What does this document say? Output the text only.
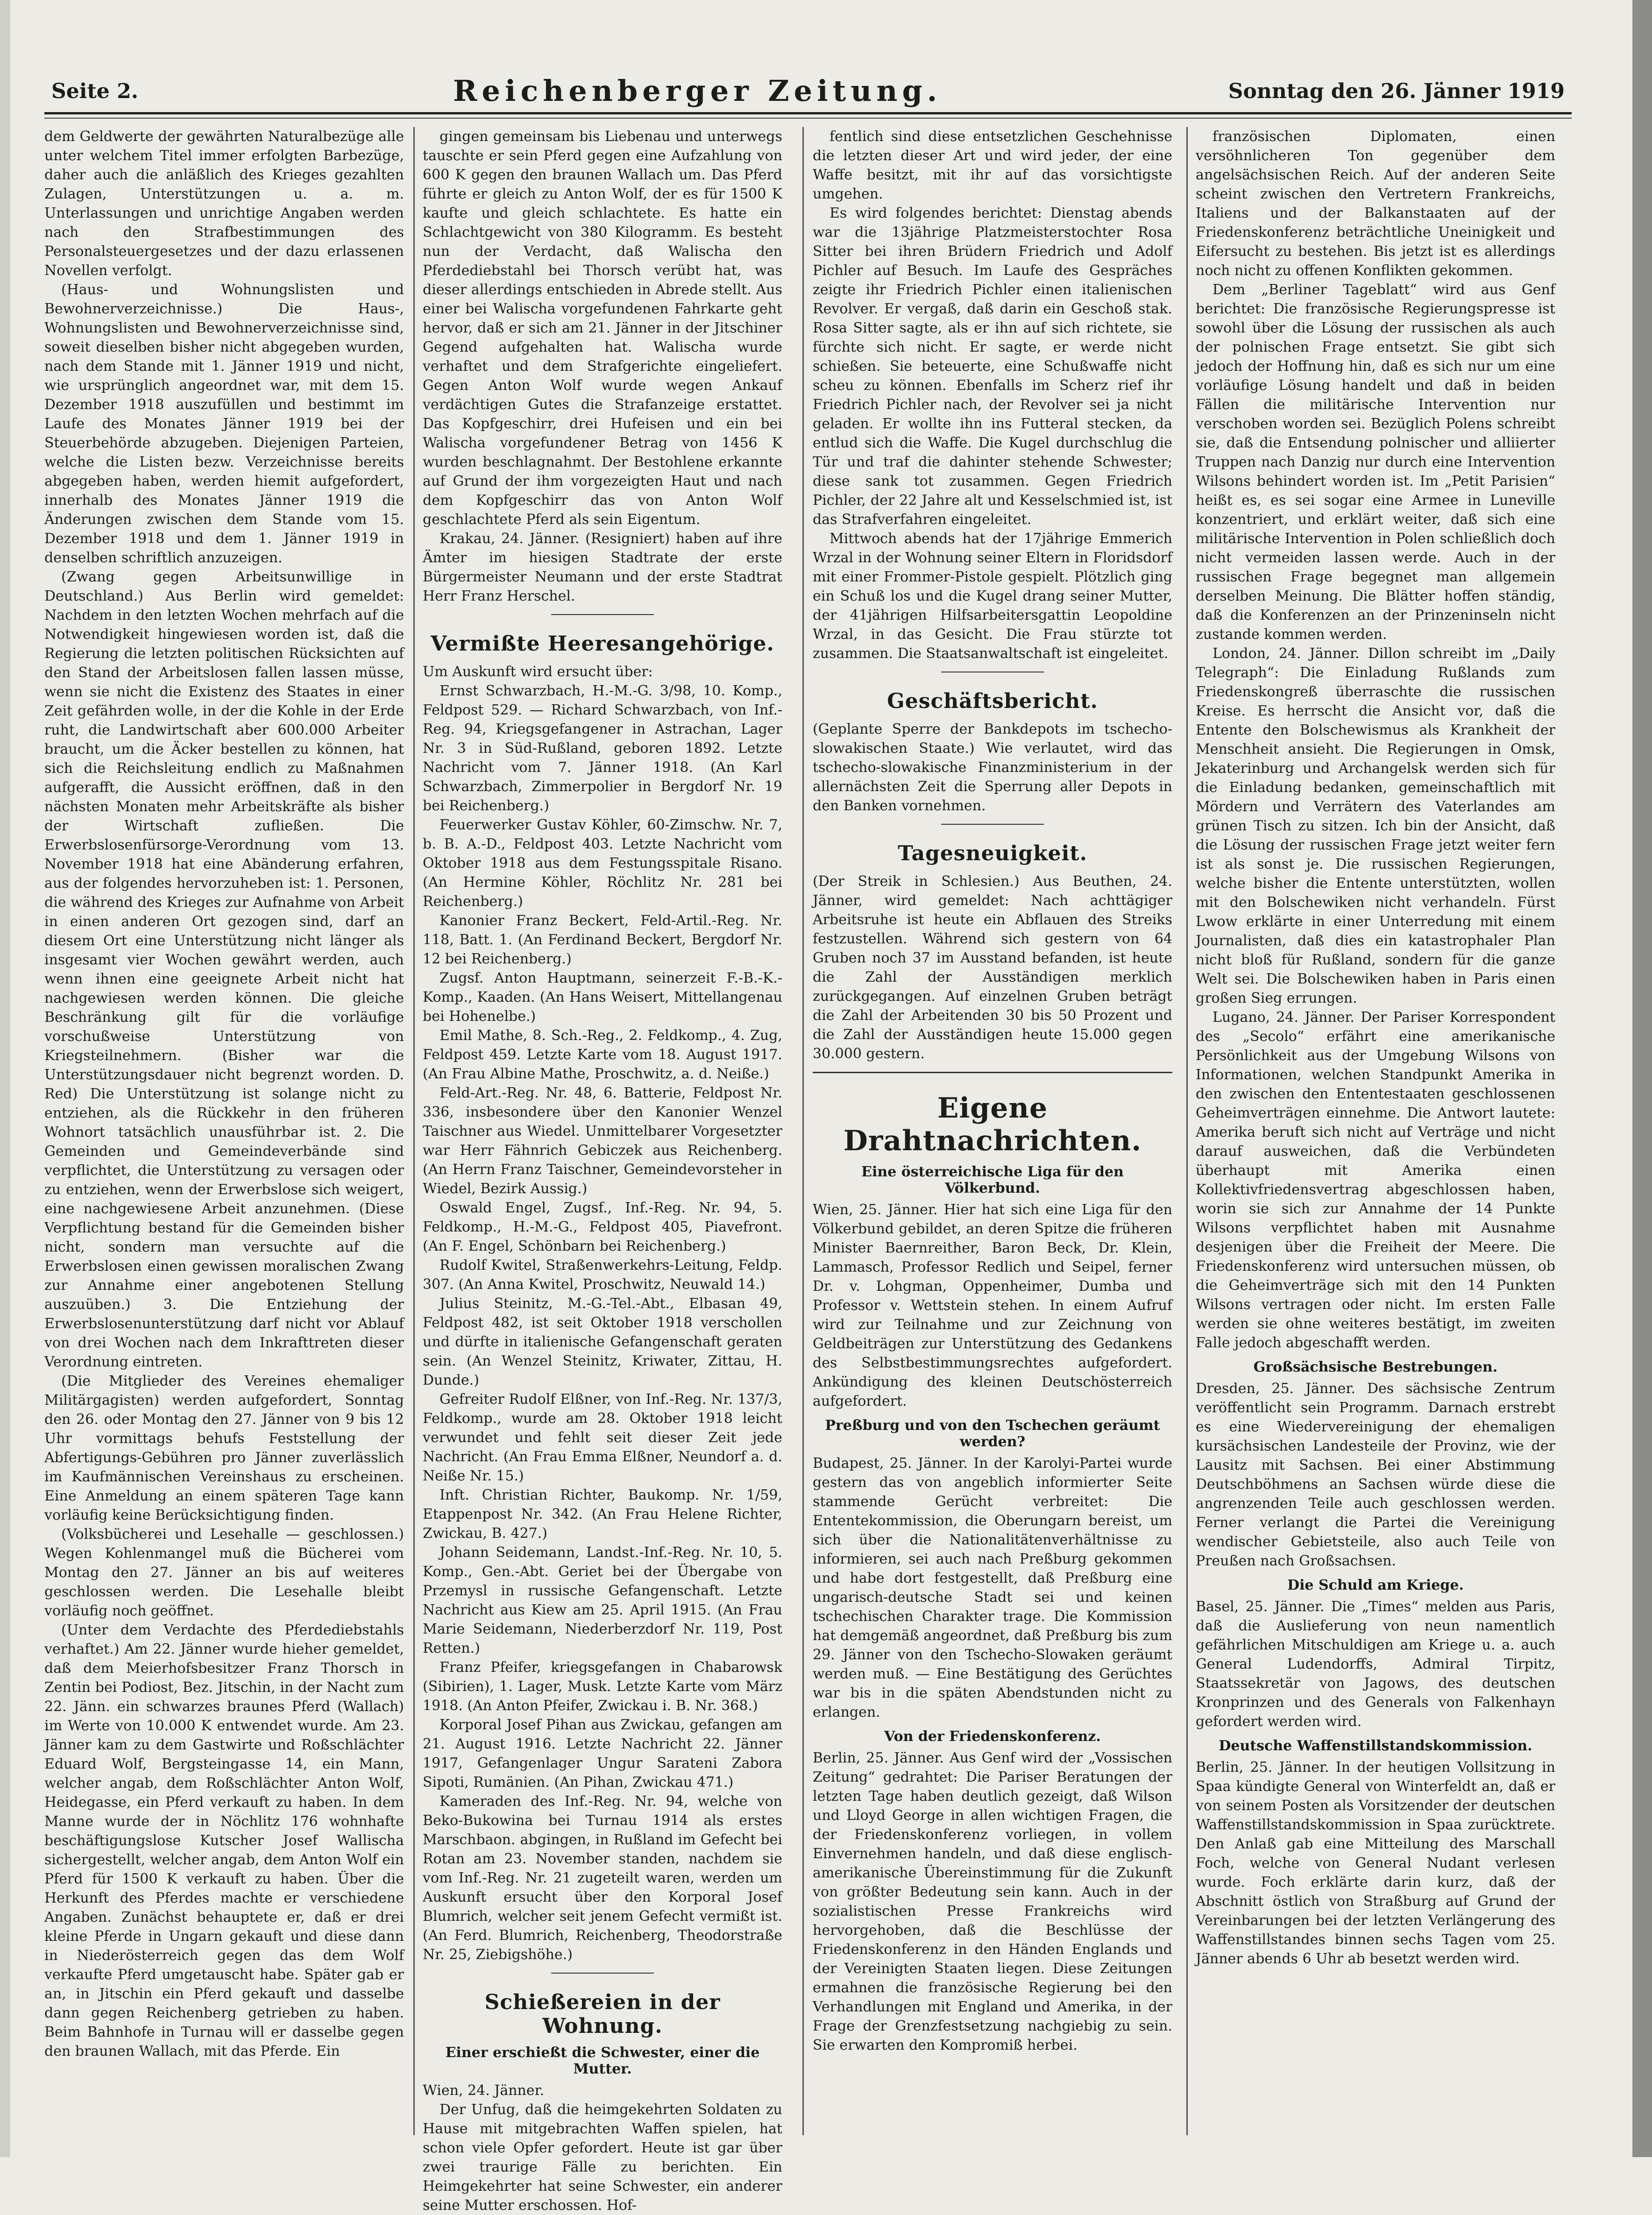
Seite 2.	Reichenberger Zeitung.	Sonntag den 26. Jänner 1919

dem Geldwerte der gewährten Naturalbezüge alle unter welchem Titel immer erfolgten Barbezüge, daher auch die anläßlich des Krieges gezahlten Zulagen, Unterstützungen u. a. m. Unterlassungen und unrichtige Angaben werden nach den Strafbestimmungen des Personalsteuergesetzes und der dazu erlassenen Novellen verfolgt.

(Haus- und Wohnungslisten und Bewohnerverzeichnisse.) Die Haus-, Wohnungslisten und Bewohnerverzeichnisse sind, soweit dieselben bisher nicht abgegeben wurden, nach dem Stande mit 1. Jänner 1919 und nicht, wie ursprünglich angeordnet war, mit dem 15. Dezember 1918 auszufüllen und bestimmt im Laufe des Monates Jänner 1919 bei der Steuerbehörde abzugeben. Diejenigen Parteien, welche die Listen bezw. Verzeichnisse bereits abgegeben haben, werden hiemit aufgefordert, innerhalb des Monates Jänner 1919 die Änderungen zwischen dem Stande vom 15. Dezember 1918 und dem 1. Jänner 1919 in denselben schriftlich anzuzeigen.

(Zwang gegen Arbeitsunwillige in Deutschland.) Aus Berlin wird gemeldet: Nachdem in den letzten Wochen mehrfach auf die Notwendigkeit hingewiesen worden ist, daß die Regierung die letzten politischen Rücksichten auf den Stand der Arbeitslosen fallen lassen müsse, wenn sie nicht die Existenz des Staates in einer Zeit gefährden wolle, in der die Kohle in der Erde ruht, die Landwirtschaft aber 600.000 Arbeiter braucht, um die Äcker bestellen zu können, hat sich die Reichsleitung endlich zu Maßnahmen aufgerafft, die Aussicht eröffnen, daß in den nächsten Monaten mehr Arbeitskräfte als bisher der Wirtschaft zufließen. Die Erwerbslosenfürsorge-Verordnung vom 13. November 1918 hat eine Abänderung erfahren, aus der folgendes hervorzuheben ist: 1. Personen, die während des Krieges zur Aufnahme von Arbeit in einen anderen Ort gezogen sind, darf an diesem Ort eine Unterstützung nicht länger als insgesamt vier Wochen gewährt werden, auch wenn ihnen eine geeignete Arbeit nicht hat nachgewiesen werden können. Die gleiche Beschränkung gilt für die vorläufige vorschußweise Unterstützung von Kriegsteilnehmern. (Bisher war die Unterstützungsdauer nicht begrenzt worden. D. Red) Die Unterstützung ist solange nicht zu entziehen, als die Rückkehr in den früheren Wohnort tatsächlich unausführbar ist. 2. Die Gemeinden und Gemeindeverbände sind verpflichtet, die Unterstützung zu versagen oder zu entziehen, wenn der Erwerbslose sich weigert, eine nachgewiesene Arbeit anzunehmen. (Diese Verpflichtung bestand für die Gemeinden bisher nicht, sondern man versuchte auf die Erwerbslosen einen gewissen moralischen Zwang zur Annahme einer angebotenen Stellung auszuüben.) 3. Die Entziehung der Erwerbslosenunterstützung darf nicht vor Ablauf von drei Wochen nach dem Inkrafttreten dieser Verordnung eintreten.

(Die Mitglieder des Vereines ehemaliger Militärgagisten) werden aufgefordert, Sonntag den 26. oder Montag den 27. Jänner von 9 bis 12 Uhr vormittags behufs Feststellung der Abfertigungs-Gebühren pro Jänner zuverlässlich im Kaufmännischen Vereinshaus zu erscheinen. Eine Anmeldung an einem späteren Tage kann vorläufig keine Berücksichtigung finden.

(Volksbücherei und Lesehalle — geschlossen.) Wegen Kohlenmangel muß die Bücherei vom Montag den 27. Jänner an bis auf weiteres geschlossen werden. Die Lesehalle bleibt vorläufig noch geöffnet.

(Unter dem Verdachte des Pferdediebstahls verhaftet.) Am 22. Jänner wurde hieher gemeldet, daß dem Meierhofsbesitzer Franz Thorsch in Zentin bei Podiost, Bez. Jitschin, in der Nacht zum 22. Jänn. ein schwarzes braunes Pferd (Wallach) im Werte von 10.000 K entwendet wurde. Am 23. Jänner kam zu dem Gastwirte und Roßschlächter Eduard Wolf, Bergsteingasse 14, ein Mann, welcher angab, dem Roßschlächter Anton Wolf, Heidegasse, ein Pferd verkauft zu haben. In dem Manne wurde der in Nöchlitz 176 wohnhafte beschäftigungslose Kutscher Josef Wallischa sichergestellt, welcher angab, dem Anton Wolf ein Pferd für 1500 K verkauft zu haben. Über die Herkunft des Pferdes machte er verschiedene Angaben. Zunächst behauptete er, daß er drei kleine Pferde in Ungarn gekauft und diese dann in Niederösterreich gegen das dem Wolf verkaufte Pferd umgetauscht habe. Später gab er an, in Jitschin ein Pferd gekauft und dasselbe dann gegen Reichenberg getrieben zu haben. Beim Bahnhofe in Turnau will er dasselbe gegen den braunen Wallach, mit das Pferde. Ein

gingen gemeinsam bis Liebenau und unterwegs tauschte er sein Pferd gegen eine Aufzahlung von 600 K gegen den braunen Wallach um. Das Pferd führte er gleich zu Anton Wolf, der es für 1500 K kaufte und gleich schlachtete. Es hatte ein Schlachtgewicht von 380 Kilogramm. Es besteht nun der Verdacht, daß Walischa den Pferdediebstahl bei Thorsch verübt hat, was dieser allerdings entschieden in Abrede stellt. Aus einer bei Walischa vorgefundenen Fahrkarte geht hervor, daß er sich am 21. Jänner in der Jitschiner Gegend aufgehalten hat. Walischa wurde verhaftet und dem Strafgerichte eingeliefert. Gegen Anton Wolf wurde wegen Ankauf verdächtigen Gutes die Strafanzeige erstattet. Das Kopfgeschirr, drei Hufeisen und ein bei Walischa vorgefundener Betrag von 1456 K wurden beschlagnahmt. Der Bestohlene erkannte auf Grund der ihm vorgezeigten Haut und nach dem Kopfgeschirr das von Anton Wolf geschlachtete Pferd als sein Eigentum.

Krakau, 24. Jänner. (Resigniert) haben auf ihre Ämter im hiesigen Stadtrate der erste Bürgermeister Neumann und der erste Stadtrat Herr Franz Herschel.

Vermißte Heeresangehörige.

Um Auskunft wird ersucht über:

Ernst Schwarzbach, H.-M.-G. 3/98, 10. Komp., Feldpost 529. — Richard Schwarzbach, von Inf.-Reg. 94, Kriegsgefangener in Astrachan, Lager Nr. 3 in Süd-Rußland, geboren 1892. Letzte Nachricht vom 7. Jänner 1918. (An Karl Schwarzbach, Zimmerpolier in Bergdorf Nr. 19 bei Reichenberg.)

Feuerwerker Gustav Köhler, 60-Zimschw. Nr. 7, b. B. A.-D., Feldpost 403. Letzte Nachricht vom Oktober 1918 aus dem Festungsspitale Risano. (An Hermine Köhler, Röchlitz Nr. 281 bei Reichenberg.)

Kanonier Franz Beckert, Feld-Artil.-Reg. Nr. 118, Batt. 1. (An Ferdinand Beckert, Bergdorf Nr. 12 bei Reichenberg.)

Zugsf. Anton Hauptmann, seinerzeit F.-B.-K.-Komp., Kaaden. (An Hans Weisert, Mittellangenau bei Hohenelbe.)

Emil Mathe, 8. Sch.-Reg., 2. Feldkomp., 4. Zug, Feldpost 459. Letzte Karte vom 18. August 1917. (An Frau Albine Mathe, Proschwitz, a. d. Neiße.)

Feld-Art.-Reg. Nr. 48, 6. Batterie, Feldpost Nr. 336, insbesondere über den Kanonier Wenzel Taischner aus Wiedel. Unmittelbarer Vorgesetzter war Herr Fähnrich Gebiczek aus Reichenberg. (An Herrn Franz Taischner, Gemeindevorsteher in Wiedel, Bezirk Aussig.)

Oswald Engel, Zugsf., Inf.-Reg. Nr. 94, 5. Feldkomp., H.-M.-G., Feldpost 405, Piavefront. (An F. Engel, Schönbarn bei Reichenberg.)

Rudolf Kwitel, Straßenwerkehrs-Leitung, Feldp. 307. (An Anna Kwitel, Proschwitz, Neuwald 14.)

Julius Steinitz, M.-G.-Tel.-Abt., Elbasan 49, Feldpost 482, ist seit Oktober 1918 verschollen und dürfte in italienische Gefangenschaft geraten sein. (An Wenzel Steinitz, Kriwater, Zittau, H. Dunde.)

Gefreiter Rudolf Elßner, von Inf.-Reg. Nr. 137/3, Feldkomp., wurde am 28. Oktober 1918 leicht verwundet und fehlt seit dieser Zeit jede Nachricht. (An Frau Emma Elßner, Neundorf a. d. Neiße Nr. 15.)

Inft. Christian Richter, Baukomp. Nr. 1/59, Etappenpost Nr. 342. (An Frau Helene Richter, Zwickau, B. 427.)

Johann Seidemann, Landst.-Inf.-Reg. Nr. 10, 5. Komp., Gen.-Abt. Geriet bei der Übergabe von Przemysl in russische Gefangenschaft. Letzte Nachricht aus Kiew am 25. April 1915. (An Frau Marie Seidemann, Niederberzdorf Nr. 119, Post Retten.)

Franz Pfeifer, kriegsgefangen in Chabarowsk (Sibirien), 1. Lager, Musk. Letzte Karte vom März 1918. (An Anton Pfeifer, Zwickau i. B. Nr. 368.)

Korporal Josef Pihan aus Zwickau, gefangen am 21. August 1916. Letzte Nachricht 22. Jänner 1917, Gefangenlager Ungur Sarateni Zabora Sipoti, Rumänien. (An Pihan, Zwickau 471.)

Kameraden des Inf.-Reg. Nr. 94, welche von Beko-Bukowina bei Turnau 1914 als erstes Marschbaon. abgingen, in Rußland im Gefecht bei Rotan am 23. November standen, nachdem sie vom Inf.-Reg. Nr. 21 zugeteilt waren, werden um Auskunft ersucht über den Korporal Josef Blumrich, welcher seit jenem Gefecht vermißt ist. (An Ferd. Blumrich, Reichenberg, Theodorstraße Nr. 25, Ziebigshöhe.)

Schießereien in der Wohnung.
Einer erschießt die Schwester, einer die Mutter.

Wien, 24. Jänner.

Der Unfug, daß die heimgekehrten Soldaten zu Hause mit mitgebrachten Waffen spielen, hat schon viele Opfer gefordert. Heute ist gar über zwei traurige Fälle zu berichten. Ein Heimgekehrter hat seine Schwester, ein anderer seine Mutter erschossen. Hof-

fentlich sind diese entsetzlichen Geschehnisse die letzten dieser Art und wird jeder, der eine Waffe besitzt, mit ihr auf das vorsichtigste umgehen.

Es wird folgendes berichtet: Dienstag abends war die 13jährige Platzmeisterstochter Rosa Sitter bei ihren Brüdern Friedrich und Adolf Pichler auf Besuch. Im Laufe des Gespräches zeigte ihr Friedrich Pichler einen italienischen Revolver. Er vergaß, daß darin ein Geschoß stak. Rosa Sitter sagte, als er ihn auf sich richtete, sie fürchte sich nicht. Er sagte, er werde nicht schießen. Sie beteuerte, eine Schußwaffe nicht scheu zu können. Ebenfalls im Scherz rief ihr Friedrich Pichler nach, der Revolver sei ja nicht geladen. Er wollte ihn ins Futteral stecken, da entlud sich die Waffe. Die Kugel durchschlug die Tür und traf die dahinter stehende Schwester; diese sank tot zusammen. Gegen Friedrich Pichler, der 22 Jahre alt und Kesselschmied ist, ist das Strafverfahren eingeleitet.

Mittwoch abends hat der 17jährige Emmerich Wrzal in der Wohnung seiner Eltern in Floridsdorf mit einer Frommer-Pistole gespielt. Plötzlich ging ein Schuß los und die Kugel drang seiner Mutter, der 41jährigen Hilfsarbeitersgattin Leopoldine Wrzal, in das Gesicht. Die Frau stürzte tot zusammen. Die Staatsanwaltschaft ist eingeleitet.

Geschäftsbericht.

(Geplante Sperre der Bankdepots im tschecho-slowakischen Staate.) Wie verlautet, wird das tschecho-slowakische Finanzministerium in der allernächsten Zeit die Sperrung aller Depots in den Banken vornehmen.

Tagesneuigkeit.

(Der Streik in Schlesien.) Aus Beuthen, 24. Jänner, wird gemeldet: Nach achttägiger Arbeitsruhe ist heute ein Abflauen des Streiks festzustellen. Während sich gestern von 64 Gruben noch 37 im Ausstand befanden, ist heute die Zahl der Ausständigen merklich zurückgegangen. Auf einzelnen Gruben beträgt die Zahl der Arbeitenden 30 bis 50 Prozent und die Zahl der Ausständigen heute 15.000 gegen 30.000 gestern.

Eigene Drahtnachrichten.
Eine österreichische Liga für den Völkerbund.

Wien, 25. Jänner. Hier hat sich eine Liga für den Völkerbund gebildet, an deren Spitze die früheren Minister Baernreither, Baron Beck, Dr. Klein, Lammasch, Professor Redlich und Seipel, ferner Dr. v. Lohgman, Oppenheimer, Dumba und Professor v. Wettstein stehen. In einem Aufruf wird zur Teilnahme und zur Zeichnung von Geldbeiträgen zur Unterstützung des Gedankens des Selbstbestimmungsrechtes aufgefordert. Ankündigung des kleinen Deutschösterreich aufgefordert.

Preßburg und von den Tschechen geräumt werden?

Budapest, 25. Jänner. In der Karolyi-Partei wurde gestern das von angeblich informierter Seite stammende Gerücht verbreitet: Die Ententekommission, die Oberungarn bereist, um sich über die Nationalitätenverhältnisse zu informieren, sei auch nach Preßburg gekommen und habe dort festgestellt, daß Preßburg eine ungarisch-deutsche Stadt sei und keinen tschechischen Charakter trage. Die Kommission hat demgemäß angeordnet, daß Preßburg bis zum 29. Jänner von den Tschecho-Slowaken geräumt werden muß. — Eine Bestätigung des Gerüchtes war bis in die späten Abendstunden nicht zu erlangen.

Von der Friedenskonferenz.

Berlin, 25. Jänner. Aus Genf wird der „Vossischen Zeitung“ gedrahtet: Die Pariser Beratungen der letzten Tage haben deutlich gezeigt, daß Wilson und Lloyd George in allen wichtigen Fragen, die der Friedenskonferenz vorliegen, in vollem Einvernehmen handeln, und daß diese englisch-amerikanische Übereinstimmung für die Zukunft von größter Bedeutung sein kann. Auch in der sozialistischen Presse Frankreichs wird hervorgehoben, daß die Beschlüsse der Friedenskonferenz in den Händen Englands und der Vereinigten Staaten liegen. Diese Zeitungen ermahnen die französische Regierung bei den Verhandlungen mit England und Amerika, in der Frage der Grenzfestsetzung nachgiebig zu sein. Sie erwarten den Kompromiß herbei.

französischen Diplomaten, einen versöhnlicheren Ton gegenüber dem angelsächsischen Reich. Auf der anderen Seite scheint zwischen den Vertretern Frankreichs, Italiens und der Balkanstaaten auf der Friedenskonferenz beträchtliche Uneinigkeit und Eifersucht zu bestehen. Bis jetzt ist es allerdings noch nicht zu offenen Konflikten gekommen.

Dem „Berliner Tageblatt“ wird aus Genf berichtet: Die französische Regierungspresse ist sowohl über die Lösung der russischen als auch der polnischen Frage entsetzt. Sie gibt sich jedoch der Hoffnung hin, daß es sich nur um eine vorläufige Lösung handelt und daß in beiden Fällen die militärische Intervention nur verschoben worden sei. Bezüglich Polens schreibt sie, daß die Entsendung polnischer und alliierter Truppen nach Danzig nur durch eine Intervention Wilsons behindert worden ist. Im „Petit Parisien“ heißt es, es sei sogar eine Armee in Luneville konzentriert, und erklärt weiter, daß sich eine militärische Intervention in Polen schließlich doch nicht vermeiden lassen werde. Auch in der russischen Frage begegnet man allgemein derselben Meinung. Die Blätter hoffen ständig, daß die Konferenzen an der Prinzeninseln nicht zustande kommen werden.

London, 24. Jänner. Dillon schreibt im „Daily Telegraph“: Die Einladung Rußlands zum Friedenskongreß überraschte die russischen Kreise. Es herrscht die Ansicht vor, daß die Entente den Bolschewismus als Krankheit der Menschheit ansieht. Die Regierungen in Omsk, Jekaterinburg und Archangelsk werden sich für die Einladung bedanken, gemeinschaftlich mit Mördern und Verrätern des Vaterlandes am grünen Tisch zu sitzen. Ich bin der Ansicht, daß die Lösung der russischen Frage jetzt weiter fern ist als sonst je. Die russischen Regierungen, welche bisher die Entente unterstützten, wollen mit den Bolschewiken nicht verhandeln. Fürst Lwow erklärte in einer Unterredung mit einem Journalisten, daß dies ein katastrophaler Plan nicht bloß für Rußland, sondern für die ganze Welt sei. Die Bolschewiken haben in Paris einen großen Sieg errungen.

Lugano, 24. Jänner. Der Pariser Korrespondent des „Secolo“ erfährt eine amerikanische Persönlichkeit aus der Umgebung Wilsons von Informationen, welchen Standpunkt Amerika in den zwischen den Ententestaaten geschlossenen Geheimverträgen einnehme. Die Antwort lautete: Amerika beruft sich nicht auf Verträge und nicht darauf ausweichen, daß die Verbündeten überhaupt mit Amerika einen Kollektivfriedensvertrag abgeschlossen haben, worin sie sich zur Annahme der 14 Punkte Wilsons verpflichtet haben mit Ausnahme desjenigen über die Freiheit der Meere. Die Friedenskonferenz wird untersuchen müssen, ob die Geheimverträge sich mit den 14 Punkten Wilsons vertragen oder nicht. Im ersten Falle werden sie ohne weiteres bestätigt, im zweiten Falle jedoch abgeschafft werden.

Großsächsische Bestrebungen.

Dresden, 25. Jänner. Des sächsische Zentrum veröffentlicht sein Programm. Darnach erstrebt es eine Wiedervereinigung der ehemaligen kursächsischen Landesteile der Provinz, wie der Lausitz mit Sachsen. Bei einer Abstimmung Deutschböhmens an Sachsen würde diese die angrenzenden Teile auch geschlossen werden. Ferner verlangt die Partei die Vereinigung wendischer Gebietsteile, also auch Teile von Preußen nach Großsachsen.

Die Schuld am Kriege.

Basel, 25. Jänner. Die „Times“ melden aus Paris, daß die Auslieferung von neun namentlich gefährlichen Mitschuldigen am Kriege u. a. auch General Ludendorffs, Admiral Tirpitz, Staatssekretär von Jagows, des deutschen Kronprinzen und des Generals von Falkenhayn gefordert werden wird.

Deutsche Waffenstillstandskommission.

Berlin, 25. Jänner. In der heutigen Vollsitzung in Spaa kündigte General von Winterfeldt an, daß er von seinem Posten als Vorsitzender der deutschen Waffenstillstandskommission in Spaa zurücktrete. Den Anlaß gab eine Mitteilung des Marschall Foch, welche von General Nudant verlesen wurde. Foch erklärte darin kurz, daß der Abschnitt östlich von Straßburg auf Grund der Vereinbarungen bei der letzten Verlängerung des Waffenstillstandes binnen sechs Tagen vom 25. Jänner abends 6 Uhr ab besetzt werden wird.
